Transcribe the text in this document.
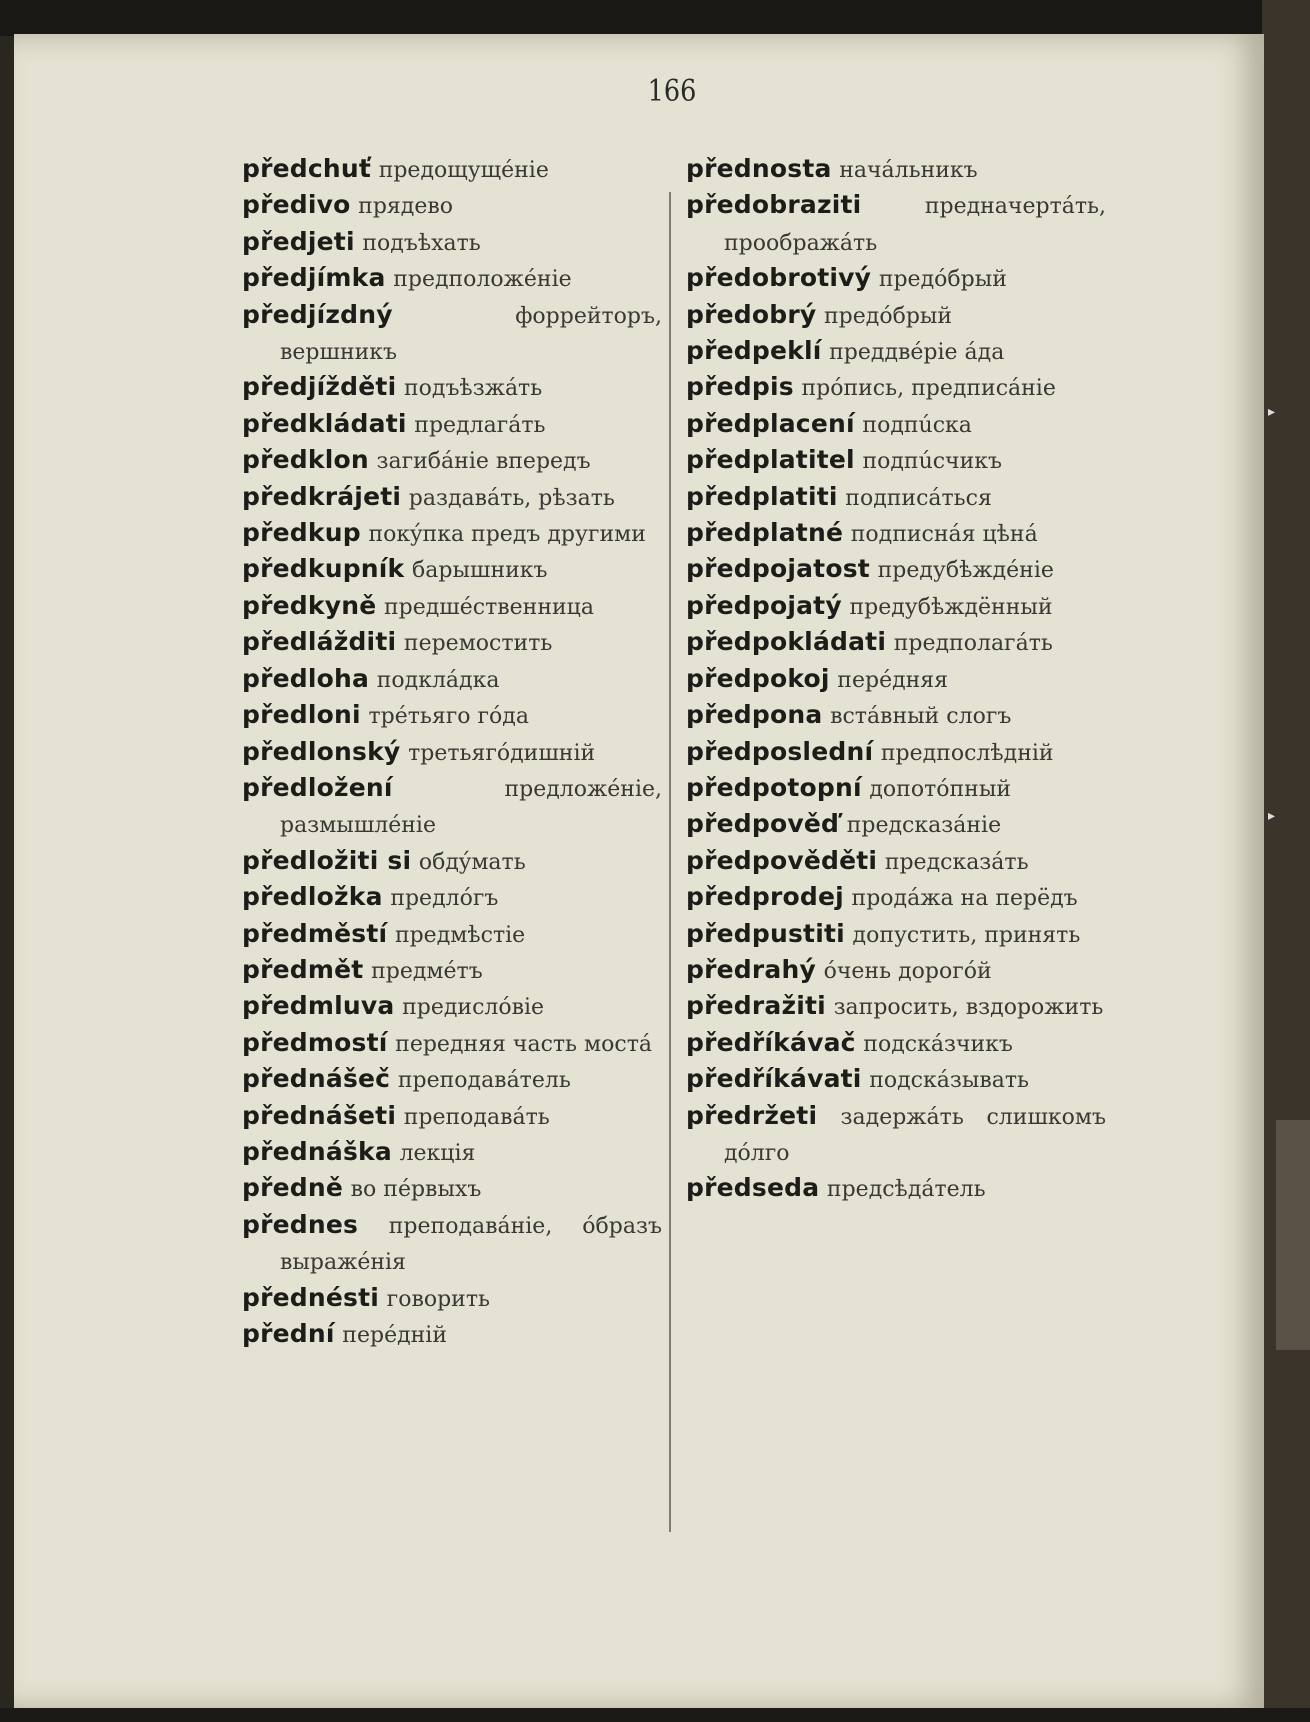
166
předchuť предощущéніе
předivo прядево
předjeti подъѣхать
předjímka предположéніе
předjízdný	форрейторъ, вершникъ
předjížděti подъѣзжáть
předkládati предлагáть
předklon загибáніе впередъ
předkrájeti раздавáть, рѣзать
předkup покýпка предъ другими
předkupník барышникъ
předkyně предшéственница
předlážditi перемостить
předloha подклáдка
předloni трéтьяго гóда
předlonský третьягóдишній
předložení	предложéніе, размышлéніе
předložiti si обдýмать
předložka предлóгъ
předměstí предмѣстіе
předmět предмéтъ
předmluva предислóвіе
předmostí передняя часть мостá
přednášeč преподавáтель
přednášeti преподавáть
přednáška лекція
předně во пéрвыхъ
přednes преподавáніе, óбразъ выражéнія
přednésti говорить
přední перéдній
přednosta начáльникъ
předobraziti	предначертáть, проображáть
předobrotivý предóбрый
předobrý предóбрый
předpeklí преддвéріе áда
předpis прóпись, предписáніе
předplacení подпúска
předplatitel подпúсчикъ
předplatiti подписáться
předplatné подписнáя цѣнá
předpojatost предубѣждéніе
předpojatý предубѣждённый
předpokládati предполагáть
předpokoj перéдняя
předpona встáвный слогъ
předposlední предпослѣдній
předpotopní допотóпный
předpověď предсказáніе
předpověděti предсказáть
předprodej продáжа на перёдъ
předpustiti допустить, принять
předrahý óчень дорогóй
předražiti запросить, вздорожить
předříkávač подскáзчикъ
předříkávati подскáзывать
předržeti задержáть слишкомъ дóлго
předseda предсѣдáтель
▸
▸
